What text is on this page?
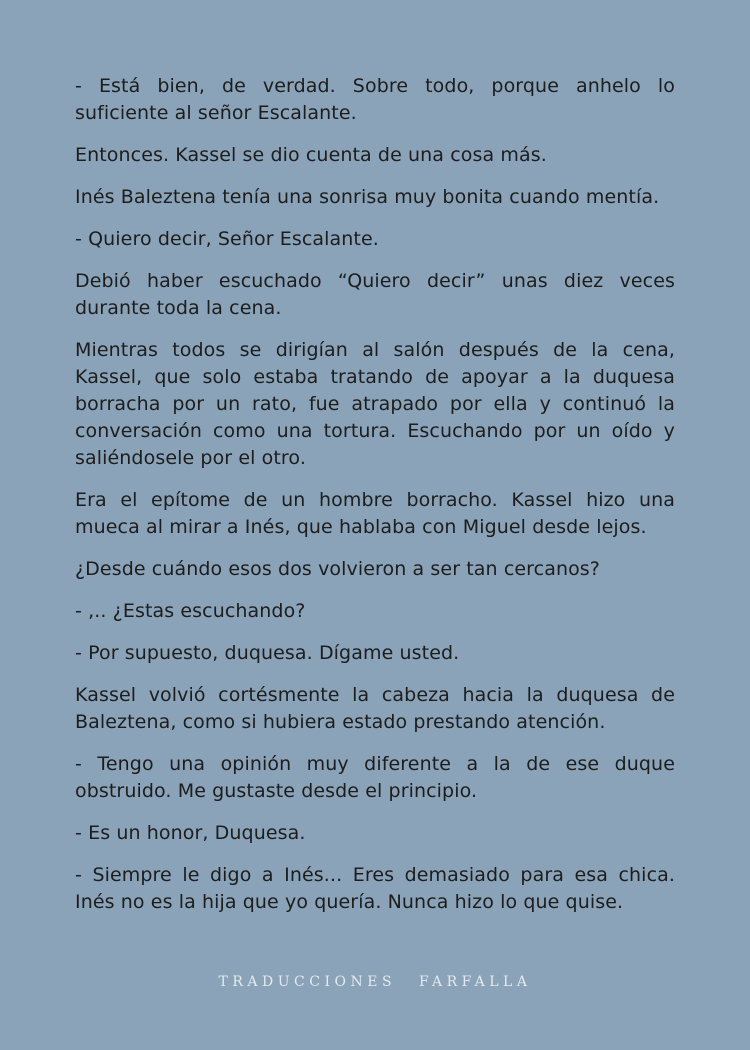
- Está bien, de verdad. Sobre todo, porque anhelo lo suficiente al señor Escalante.

Entonces. Kassel se dio cuenta de una cosa más.

Inés Baleztena tenía una sonrisa muy bonita cuando mentía.

- Quiero decir, Señor Escalante.

Debió haber escuchado “Quiero decir” unas diez veces durante toda la cena.

Mientras todos se dirigían al salón después de la cena, Kassel, que solo estaba tratando de apoyar a la duquesa borracha por un rato, fue atrapado por ella y continuó la conversación como una tortura. Escuchando por un oído y saliéndosele por el otro.

Era el epítome de un hombre borracho. Kassel hizo una mueca al mirar a Inés, que hablaba con Miguel desde lejos.

¿Desde cuándo esos dos volvieron a ser tan cercanos?

- ,.. ¿Estas escuchando?

- Por supuesto, duquesa. Dígame usted.

Kassel volvió cortésmente la cabeza hacia la duquesa de Baleztena, como si hubiera estado prestando atención.

- Tengo una opinión muy diferente a la de ese duque obstruido. Me gustaste desde el principio.

- Es un honor, Duquesa.

- Siempre le digo a Inés... Eres demasiado para esa chica. Inés no es la hija que yo quería. Nunca hizo lo que quise.

TRADUCCIONES FARFALLA
